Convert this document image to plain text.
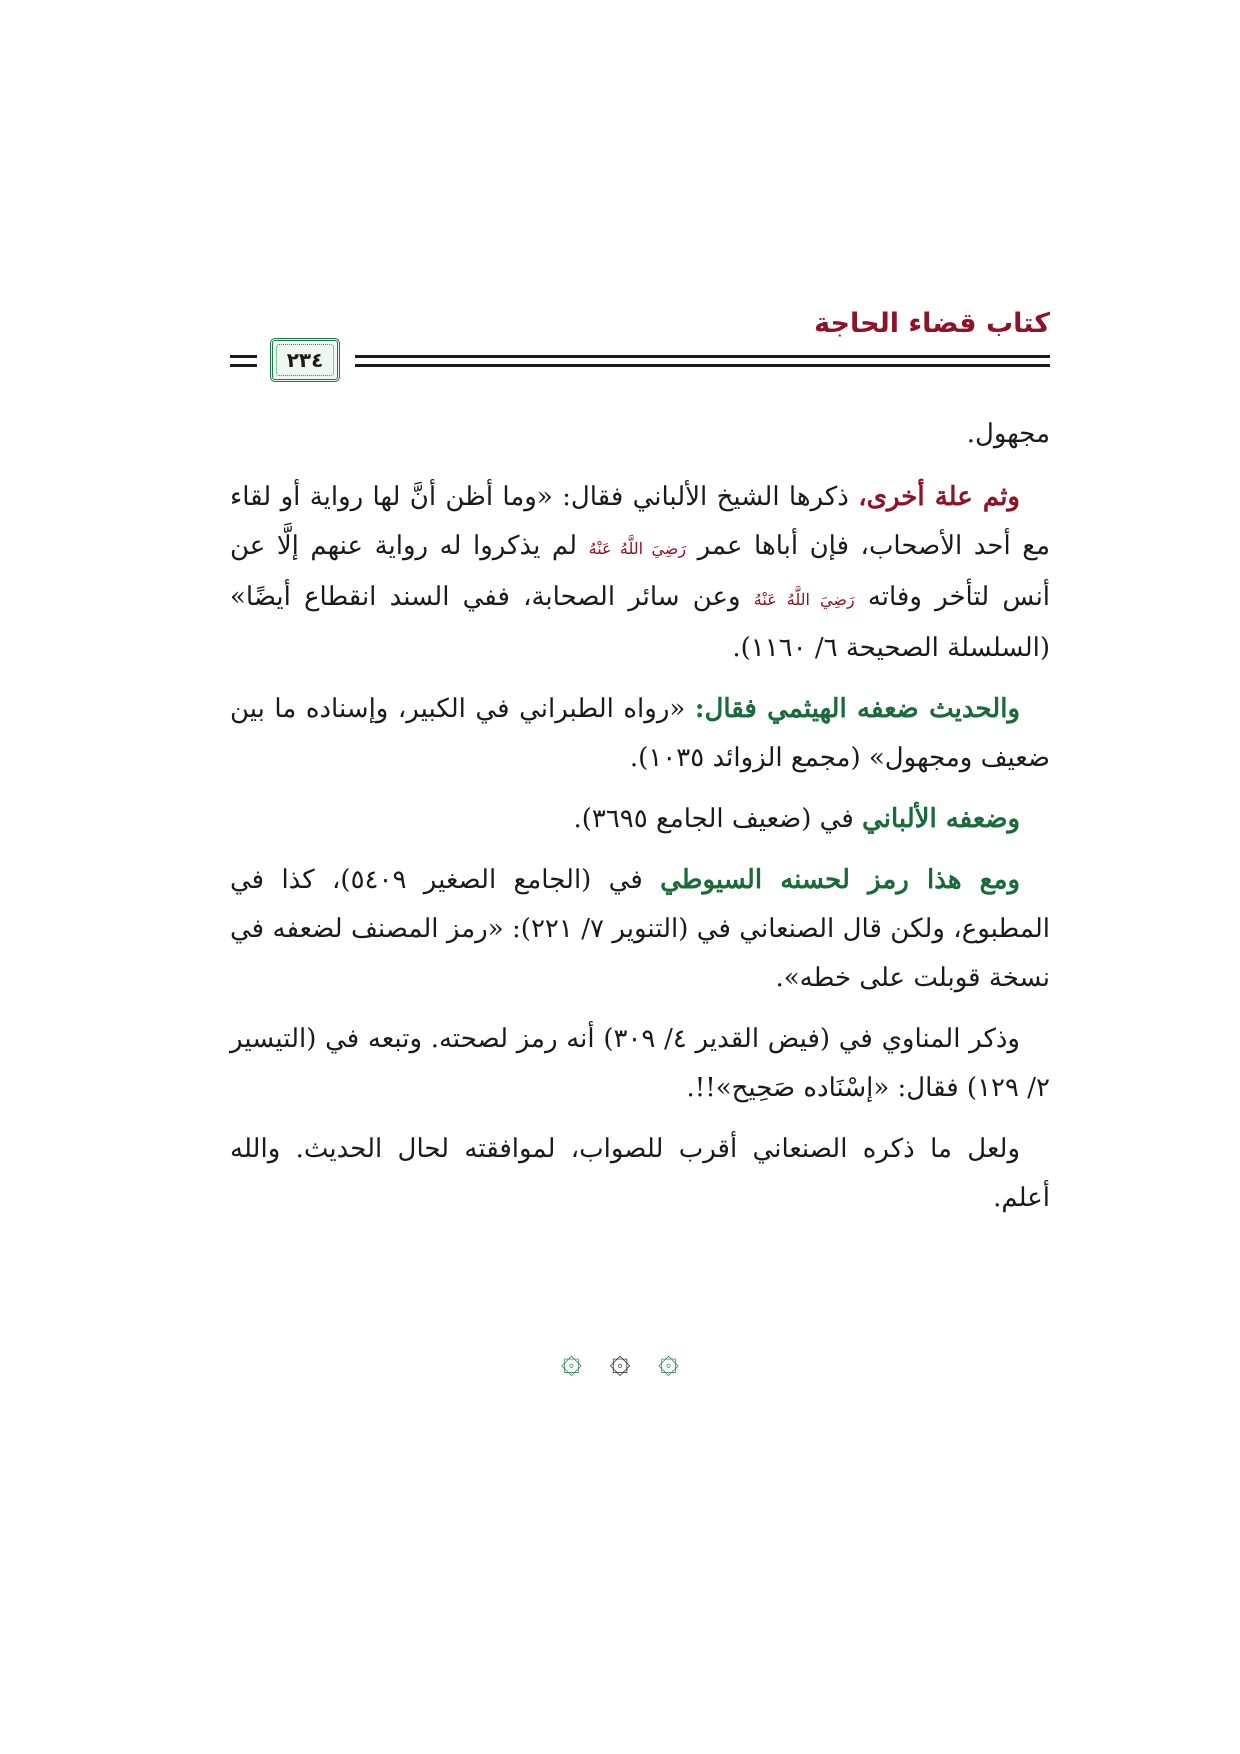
كتاب قضاء الحاجة
٢٣٤

مجهول.

وثم علة أخرى، ذكرها الشيخ الألباني فقال: «وما أظن أنَّ لها رواية أو لقاء مع أحد الأصحاب، فإن أباها عمر رَضِيَ اللَّهُ عَنْهُ لم يذكروا له رواية عنهم إلَّا عن أنس لتأخر وفاته رَضِيَ اللَّهُ عَنْهُ وعن سائر الصحابة، ففي السند انقطاع أيضًا» (السلسلة الصحيحة ٦/ ١١٦٠).

والحديث ضعفه الهيثمي فقال: «رواه الطبراني في الكبير، وإسناده ما بين ضعيف ومجهول» (مجمع الزوائد ١٠٣٥).

وضعفه الألباني في (ضعيف الجامع ٣٦٩٥).

ومع هذا رمز لحسنه السيوطي في (الجامع الصغير ٥٤٠٩)، كذا في المطبوع، ولكن قال الصنعاني في (التنوير ٧/ ٢٢١): «رمز المصنف لضعفه في نسخة قوبلت على خطه».

وذكر المناوي في (فيض القدير ٤/ ٣٠٩) أنه رمز لصحته. وتبعه في (التيسير ٢/ ١٢٩) فقال: «إسْنَاده صَحِيح»!!.

ولعل ما ذكره الصنعاني أقرب للصواب، لموافقته لحال الحديث. والله أعلم.

۞ ۞ ۞
